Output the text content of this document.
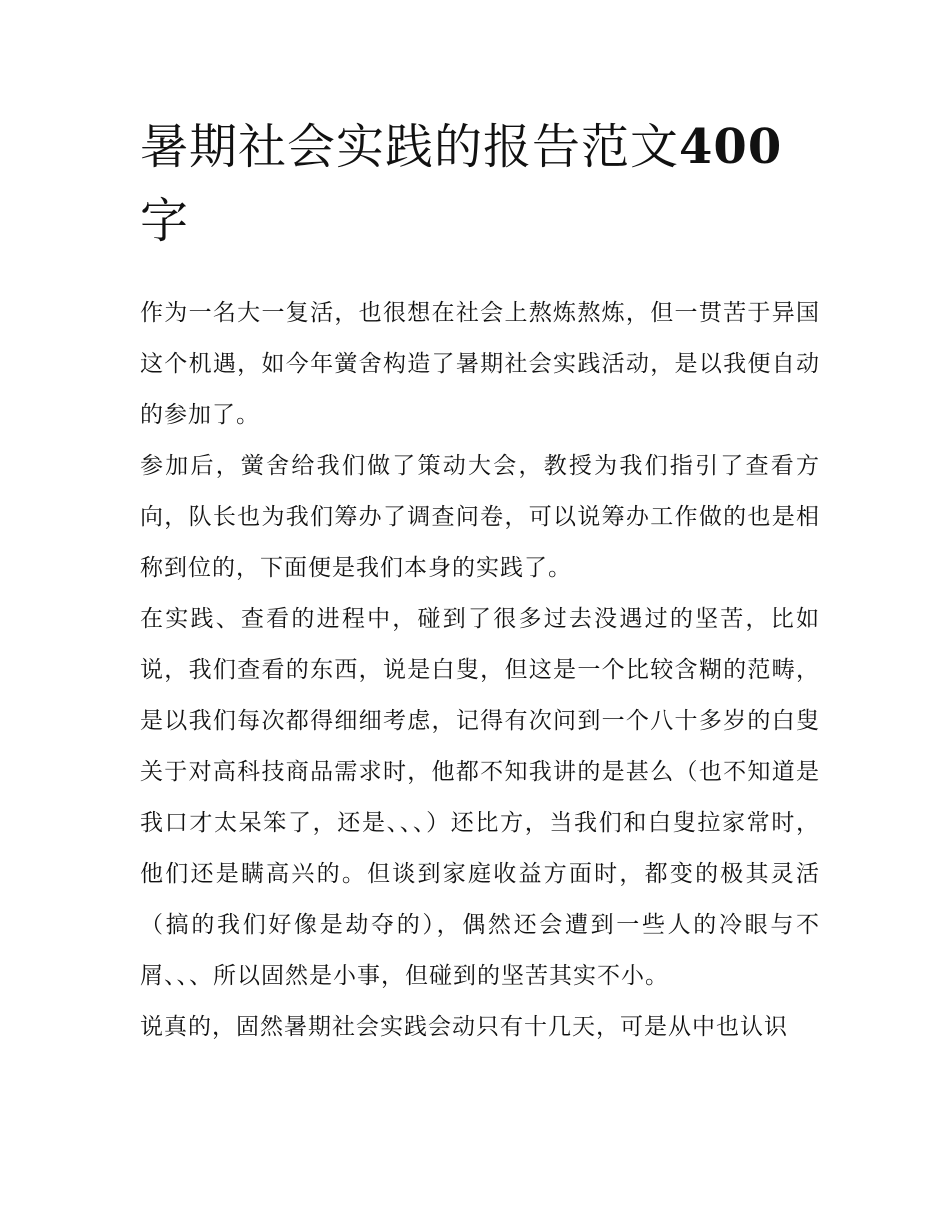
暑期社会实践的报告范文400
字

作为一名大一复活，也很想在社会上熬炼熬炼，但一贯苦于异国这个机遇，如今年黉舍构造了暑期社会实践活动，是以我便自动的参加了。

参加后，黉舍给我们做了策动大会，教授为我们指引了查看方向，队长也为我们筹办了调查问卷，可以说筹办工作做的也是相称到位的，下面便是我们本身的实践了。

在实践、查看的进程中，碰到了很多过去没遇过的坚苦，比如说，我们查看的东西，说是白叟，但这是一个比较含糊的范畴，是以我们每次都得细细考虑，记得有次问到一个八十多岁的白叟关于对高科技商品需求时，他都不知我讲的是甚么（也不知道是我口才太呆笨了，还是、、、）还比方，当我们和白叟拉家常时，他们还是瞒高兴的。但谈到家庭收益方面时，都变的极其灵活（搞的我们好像是劫夺的），偶然还会遭到一些人的冷眼与不屑、、、所以固然是小事，但碰到的坚苦其实不小。

说真的，固然暑期社会实践会动只有十几天，可是从中也认识
